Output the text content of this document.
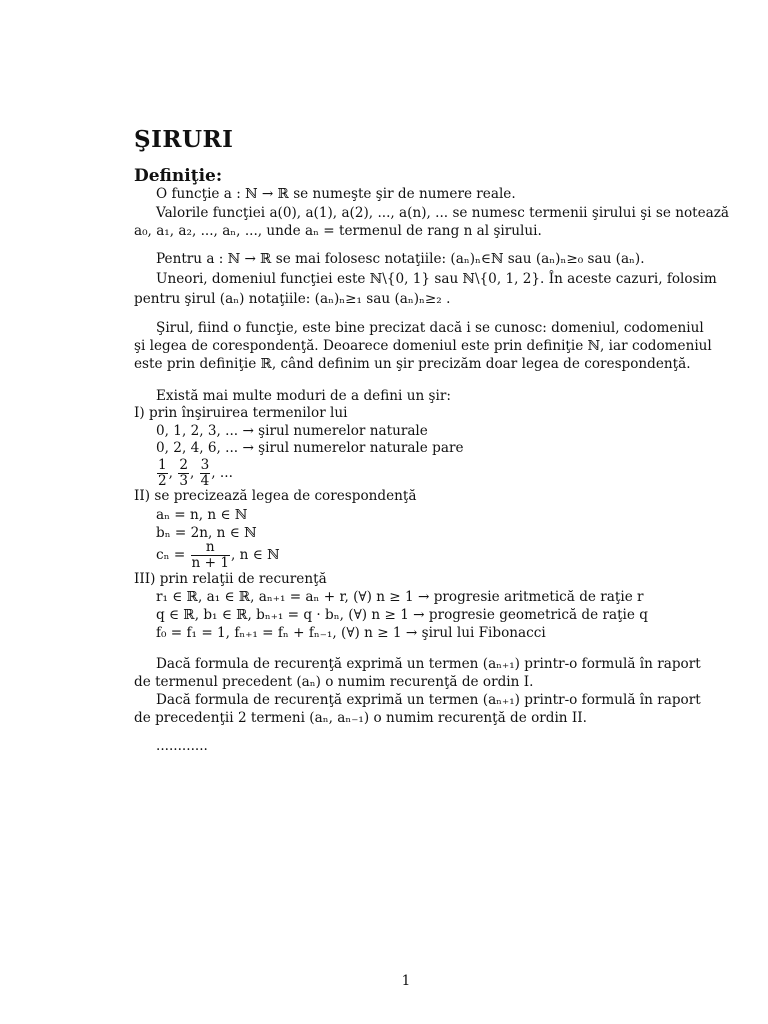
ŞIRURI
Definiţie:
O funcţie a : ℕ → ℝ se numeşte şir de numere reale.
Valorile funcţiei a(0), a(1), a(2), ..., a(n), ... se numesc termenii şirului şi se notează
a₀, a₁, a₂, ..., aₙ, ..., unde aₙ = termenul de rang n al şirului.
Pentru a : ℕ → ℝ se mai folosesc notaţiile: (aₙ)ₙ∈ℕ sau (aₙ)ₙ≥₀ sau (aₙ).
Uneori, domeniul funcţiei este ℕ\{0, 1} sau ℕ\{0, 1, 2}. În aceste cazuri, folosim
pentru şirul (aₙ) notaţiile: (aₙ)ₙ≥₁ sau (aₙ)ₙ≥₂ .
Şirul, fiind o funcţie, este bine precizat dacă i se cunosc: domeniul, codomeniul
şi legea de corespondenţă. Deoarece domeniul este prin definiţie ℕ, iar codomeniul
este prin definiţie ℝ, când definim un şir precizăm doar legea de corespondenţă.
Există mai multe moduri de a defini un şir:
I) prin înşiruirea termenilor lui
0, 1, 2, 3, ... → şirul numerelor naturale
0, 2, 4, 6, ... → şirul numerelor naturale pare
$\frac{1}{2}$ , $\frac{2}{3}$ , $\frac{3}{4}$ , ...
II) se precizează legea de corespondenţă
aₙ = n, n ∈ ℕ
bₙ = 2n, n ∈ ℕ
$c_n = \frac{n}{n + 1}$ , n ∈ ℕ
III) prin relaţii de recurenţă
r₁ ∈ ℝ, a₁ ∈ ℝ, aₙ₊₁ = aₙ + r, (∀) n ≥ 1 → progresie aritmetică de raţie r
q ∈ ℝ, b₁ ∈ ℝ, bₙ₊₁ = q · bₙ, (∀) n ≥ 1 → progresie geometrică de raţie q
f₀ = f₁ = 1, fₙ₊₁ = fₙ + fₙ₋₁, (∀) n ≥ 1 → şirul lui Fibonacci
Dacă formula de recurenţă exprimă un termen (aₙ₊₁) printr-o formulă în raport
de termenul precedent (aₙ) o numim recurenţă de ordin I.
Dacă formula de recurenţă exprimă un termen (aₙ₊₁) printr-o formulă în raport
de precedenţii 2 termeni (aₙ, aₙ₋₁) o numim recurenţă de ordin II.
............
1
